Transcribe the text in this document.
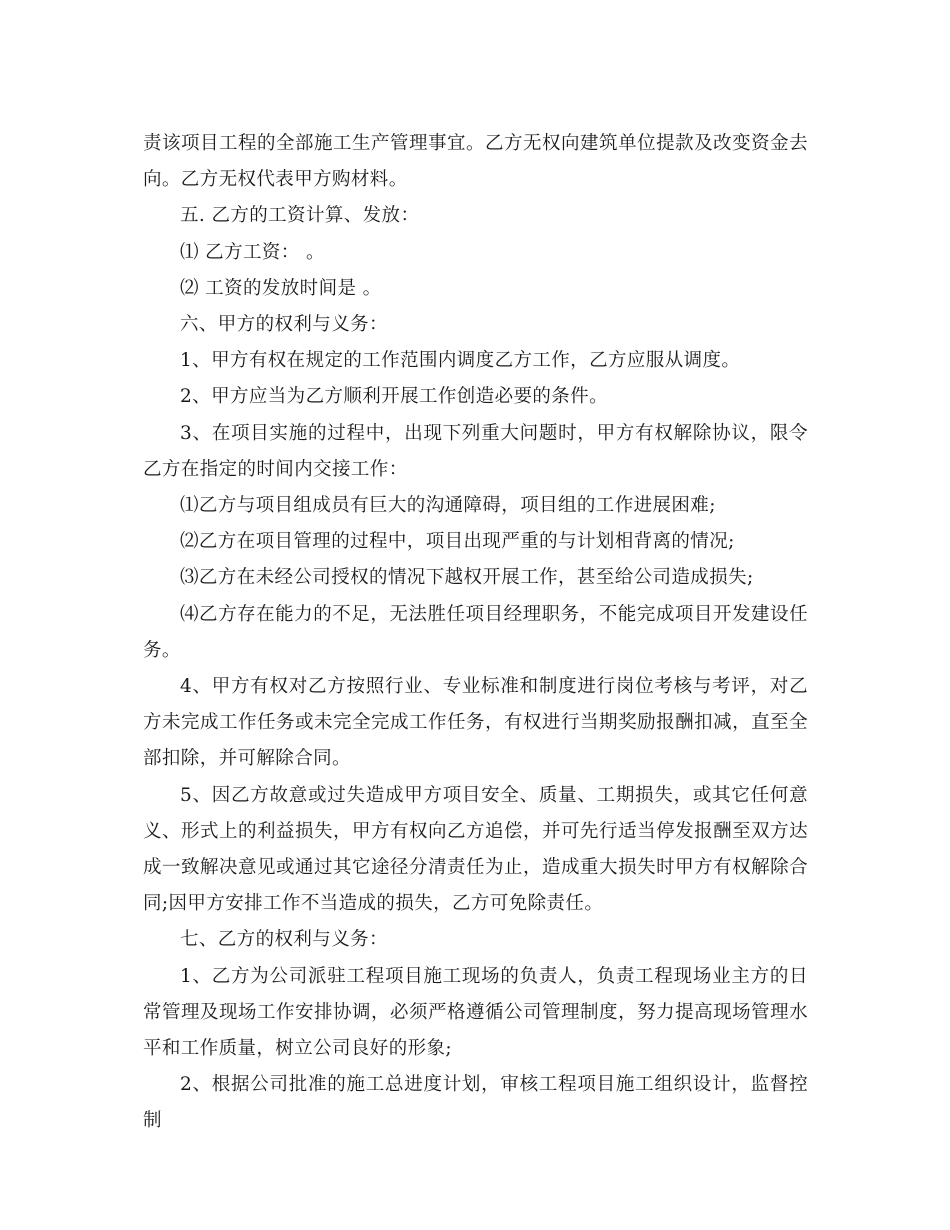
责该项目工程的全部施工生产管理事宜。乙方无权向建筑单位提款及改变资金去向。乙方无权代表甲方购材料。

五. 乙方的工资计算、发放：

⑴ 乙方工资： 。

⑵ 工资的发放时间是 。

六、甲方的权利与义务：

1、甲方有权在规定的工作范围内调度乙方工作，乙方应服从调度。

2、甲方应当为乙方顺利开展工作创造必要的条件。

3、在项目实施的过程中，出现下列重大问题时，甲方有权解除协议，限令乙方在指定的时间内交接工作：

⑴乙方与项目组成员有巨大的沟通障碍，项目组的工作进展困难;

⑵乙方在项目管理的过程中，项目出现严重的与计划相背离的情况;

⑶乙方在未经公司授权的情况下越权开展工作，甚至给公司造成损失;

⑷乙方存在能力的不足，无法胜任项目经理职务，不能完成项目开发建设任务。

4、甲方有权对乙方按照行业、专业标准和制度进行岗位考核与考评，对乙方未完成工作任务或未完全完成工作任务，有权进行当期奖励报酬扣减，直至全部扣除，并可解除合同。

5、因乙方故意或过失造成甲方项目安全、质量、工期损失，或其它任何意义、形式上的利益损失，甲方有权向乙方追偿，并可先行适当停发报酬至双方达成一致解决意见或通过其它途径分清责任为止，造成重大损失时甲方有权解除合同;因甲方安排工作不当造成的损失，乙方可免除责任。

七、乙方的权利与义务：

1、乙方为公司派驻工程项目施工现场的负责人，负责工程现场业主方的日常管理及现场工作安排协调，必须严格遵循公司管理制度，努力提高现场管理水平和工作质量，树立公司良好的形象;

2、根据公司批准的施工总进度计划，审核工程项目施工组织设计，监督控制
